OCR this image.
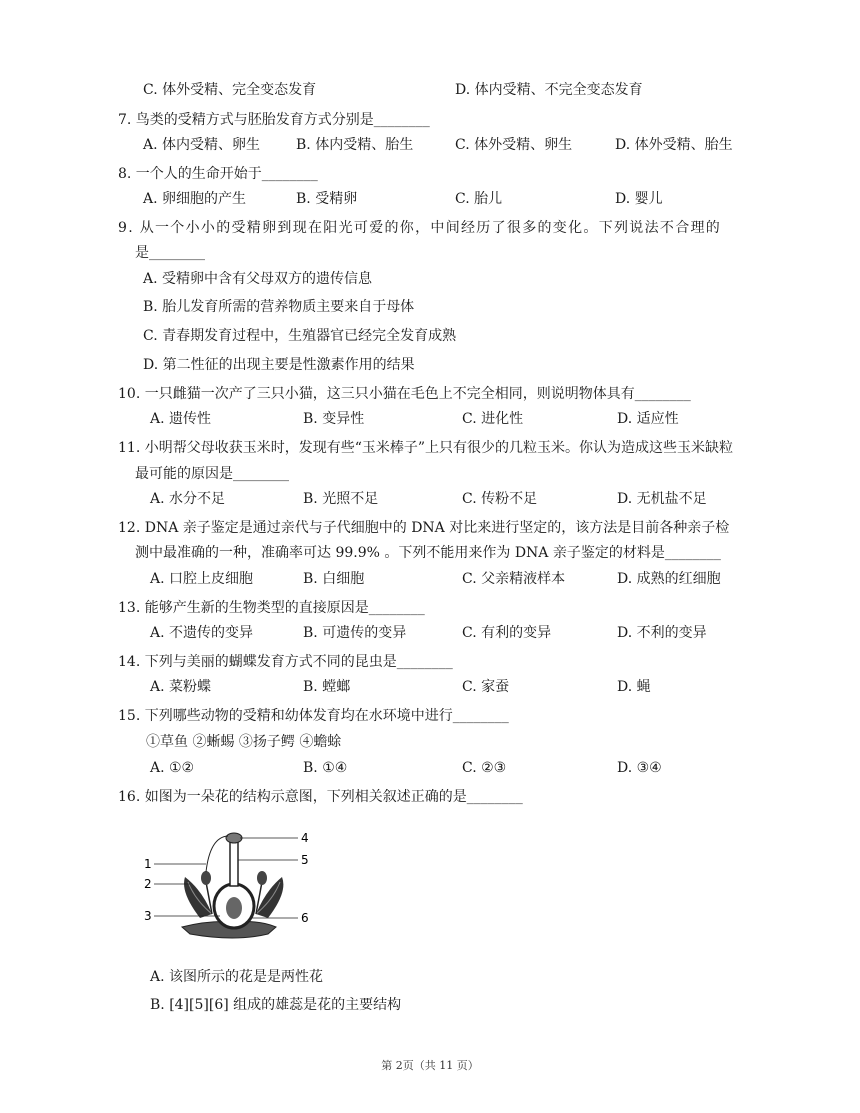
C. 体外受精、完全变态发育	D. 体内受精、不完全变态发育
7. 鸟类的受精方式与胚胎发育方式分别是________
A. 体内受精、卵生	B. 体内受精、胎生	C. 体外受精、卵生	D. 体外受精、胎生
8. 一个人的生命开始于________
A. 卵细胞的产生	B. 受精卵	C. 胎儿	D. 婴儿
9. 从一个小小的受精卵到现在阳光可爱的你，中间经历了很多的变化。下列说法不合理的
是________
A. 受精卵中含有父母双方的遗传信息
B. 胎儿发育所需的营养物质主要来自于母体
C. 青春期发育过程中，生殖器官已经完全发育成熟
D. 第二性征的出现主要是性激素作用的结果
10. 一只雌猫一次产了三只小猫，这三只小猫在毛色上不完全相同，则说明物体具有________
A. 遗传性	B. 变异性	C. 进化性	D. 适应性
11. 小明帮父母收获玉米时，发现有些“玉米棒子”上只有很少的几粒玉米。你认为造成这些玉米缺粒
最可能的原因是________
A. 水分不足	B. 光照不足	C. 传粉不足	D. 无机盐不足
12. DNA 亲子鉴定是通过亲代与子代细胞中的 DNA 对比来进行坚定的，该方法是目前各种亲子检
测中最准确的一种，准确率可达 99.9% 。下列不能用来作为 DNA 亲子鉴定的材料是________
A. 口腔上皮细胞	B. 白细胞	C. 父亲精液样本	D. 成熟的红细胞
13. 能够产生新的生物类型的直接原因是________
A. 不遗传的变异	B. 可遗传的变异	C. 有利的变异	D. 不利的变异
14. 下列与美丽的蝴蝶发育方式不同的昆虫是________
A. 菜粉蝶	B. 螳螂	C. 家蚕	D. 蝇
15. 下列哪些动物的受精和幼体发育均在水环境中进行________
①草鱼 ②蜥蜴 ③扬子鳄 ④蟾蜍
A. ①②	B. ①④	C. ②③	D. ③④
16. 如图为一朵花的结构示意图，下列相关叙述正确的是________
1
2
3
4
5
6
A. 该图所示的花是是两性花
B. [4][5][6] 组成的雄蕊是花的主要结构
第 2页（共 11 页）
